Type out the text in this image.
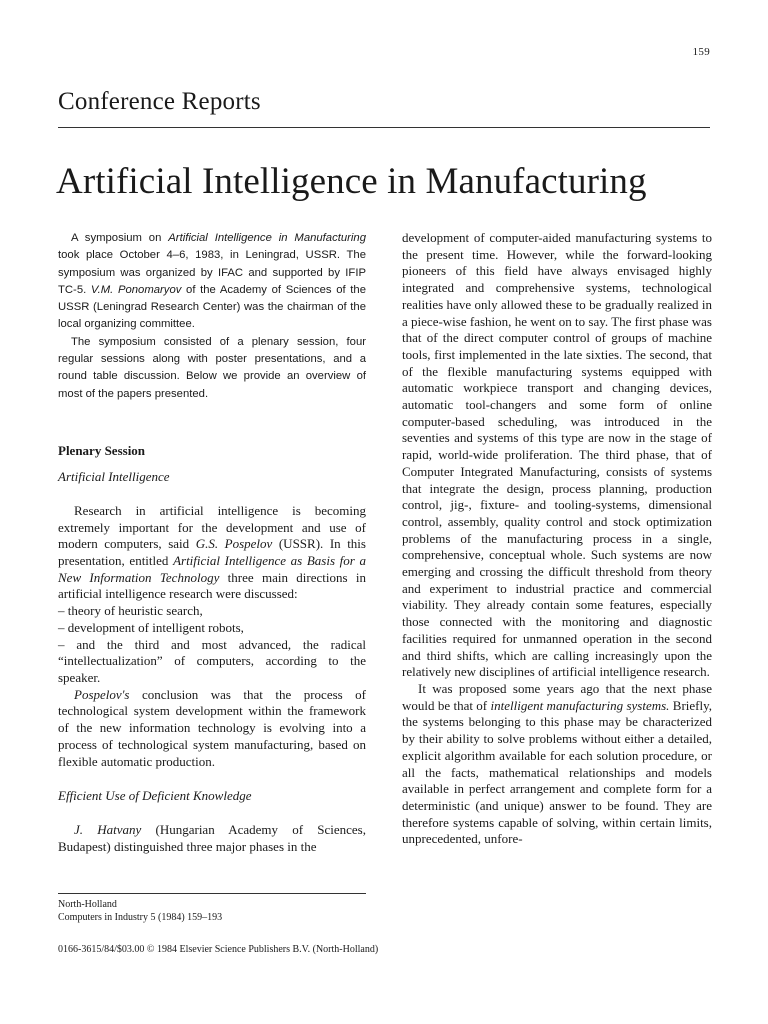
159
Conference Reports
Artificial Intelligence in Manufacturing

A symposium on Artificial Intelligence in Manufacturing took place October 4–6, 1983, in Leningrad, USSR. The symposium was organized by IFAC and supported by IFIP TC-5. V.M. Ponomaryov of the Academy of Sciences of the USSR (Leningrad Research Center) was the chairman of the local organizing committee.

The symposium consisted of a plenary session, four regular sessions along with poster presentations, and a round table discussion. Below we provide an overview of most of the papers presented.

Plenary Session
Artificial Intelligence

Research in artificial intelligence is becoming extremely important for the development and use of modern computers, said G.S. Pospelov (USSR). In this presentation, entitled Artificial Intelligence as Basis for a New Information Technology three main directions in artificial intelligence research were discussed:

– theory of heuristic search,

– development of intelligent robots,

– and the third and most advanced, the radical “intellectualization” of computers, according to the speaker.

Pospelov's conclusion was that the process of technological system development within the framework of the new information technology is evolving into a process of technological system manufacturing, based on flexible automatic production.

Efficient Use of Deficient Knowledge

J. Hatvany (Hungarian Academy of Sciences, Budapest) distinguished three major phases in the

development of computer-aided manufacturing systems to the present time. However, while the forward-looking pioneers of this field have always envisaged highly integrated and comprehensive systems, technological realities have only allowed these to be gradually realized in a piece-wise fashion, he went on to say. The first phase was that of the direct computer control of groups of machine tools, first implemented in the late sixties. The second, that of the flexible manufacturing systems equipped with automatic workpiece transport and changing devices, automatic tool-changers and some form of online computer-based scheduling, was introduced in the seventies and systems of this type are now in the stage of rapid, world-wide proliferation. The third phase, that of Computer Integrated Manufacturing, consists of systems that integrate the design, process planning, production control, jig-, fixture- and tooling-systems, dimensional control, assembly, quality control and stock optimization problems of the manufacturing process in a single, comprehensive, conceptual whole. Such systems are now emerging and crossing the difficult threshold from theory and experiment to industrial practice and commercial viability. They already contain some features, especially those connected with the monitoring and diagnostic facilities required for unmanned operation in the second and third shifts, which are calling increasingly upon the relatively new disciplines of artificial intelligence research.

It was proposed some years ago that the next phase would be that of intelligent manufacturing systems. Briefly, the systems belonging to this phase may be characterized by their ability to solve problems without either a detailed, explicit algorithm available for each solution procedure, or all the facts, mathematical relationships and models available in perfect arrangement and complete form for a deterministic (and unique) answer to be found. They are therefore systems capable of solving, within certain limits, unprecedented, unfore-

North-Holland
Computers in Industry 5 (1984) 159–193
0166-3615/84/$03.00 © 1984 Elsevier Science Publishers B.V. (North-Holland)
